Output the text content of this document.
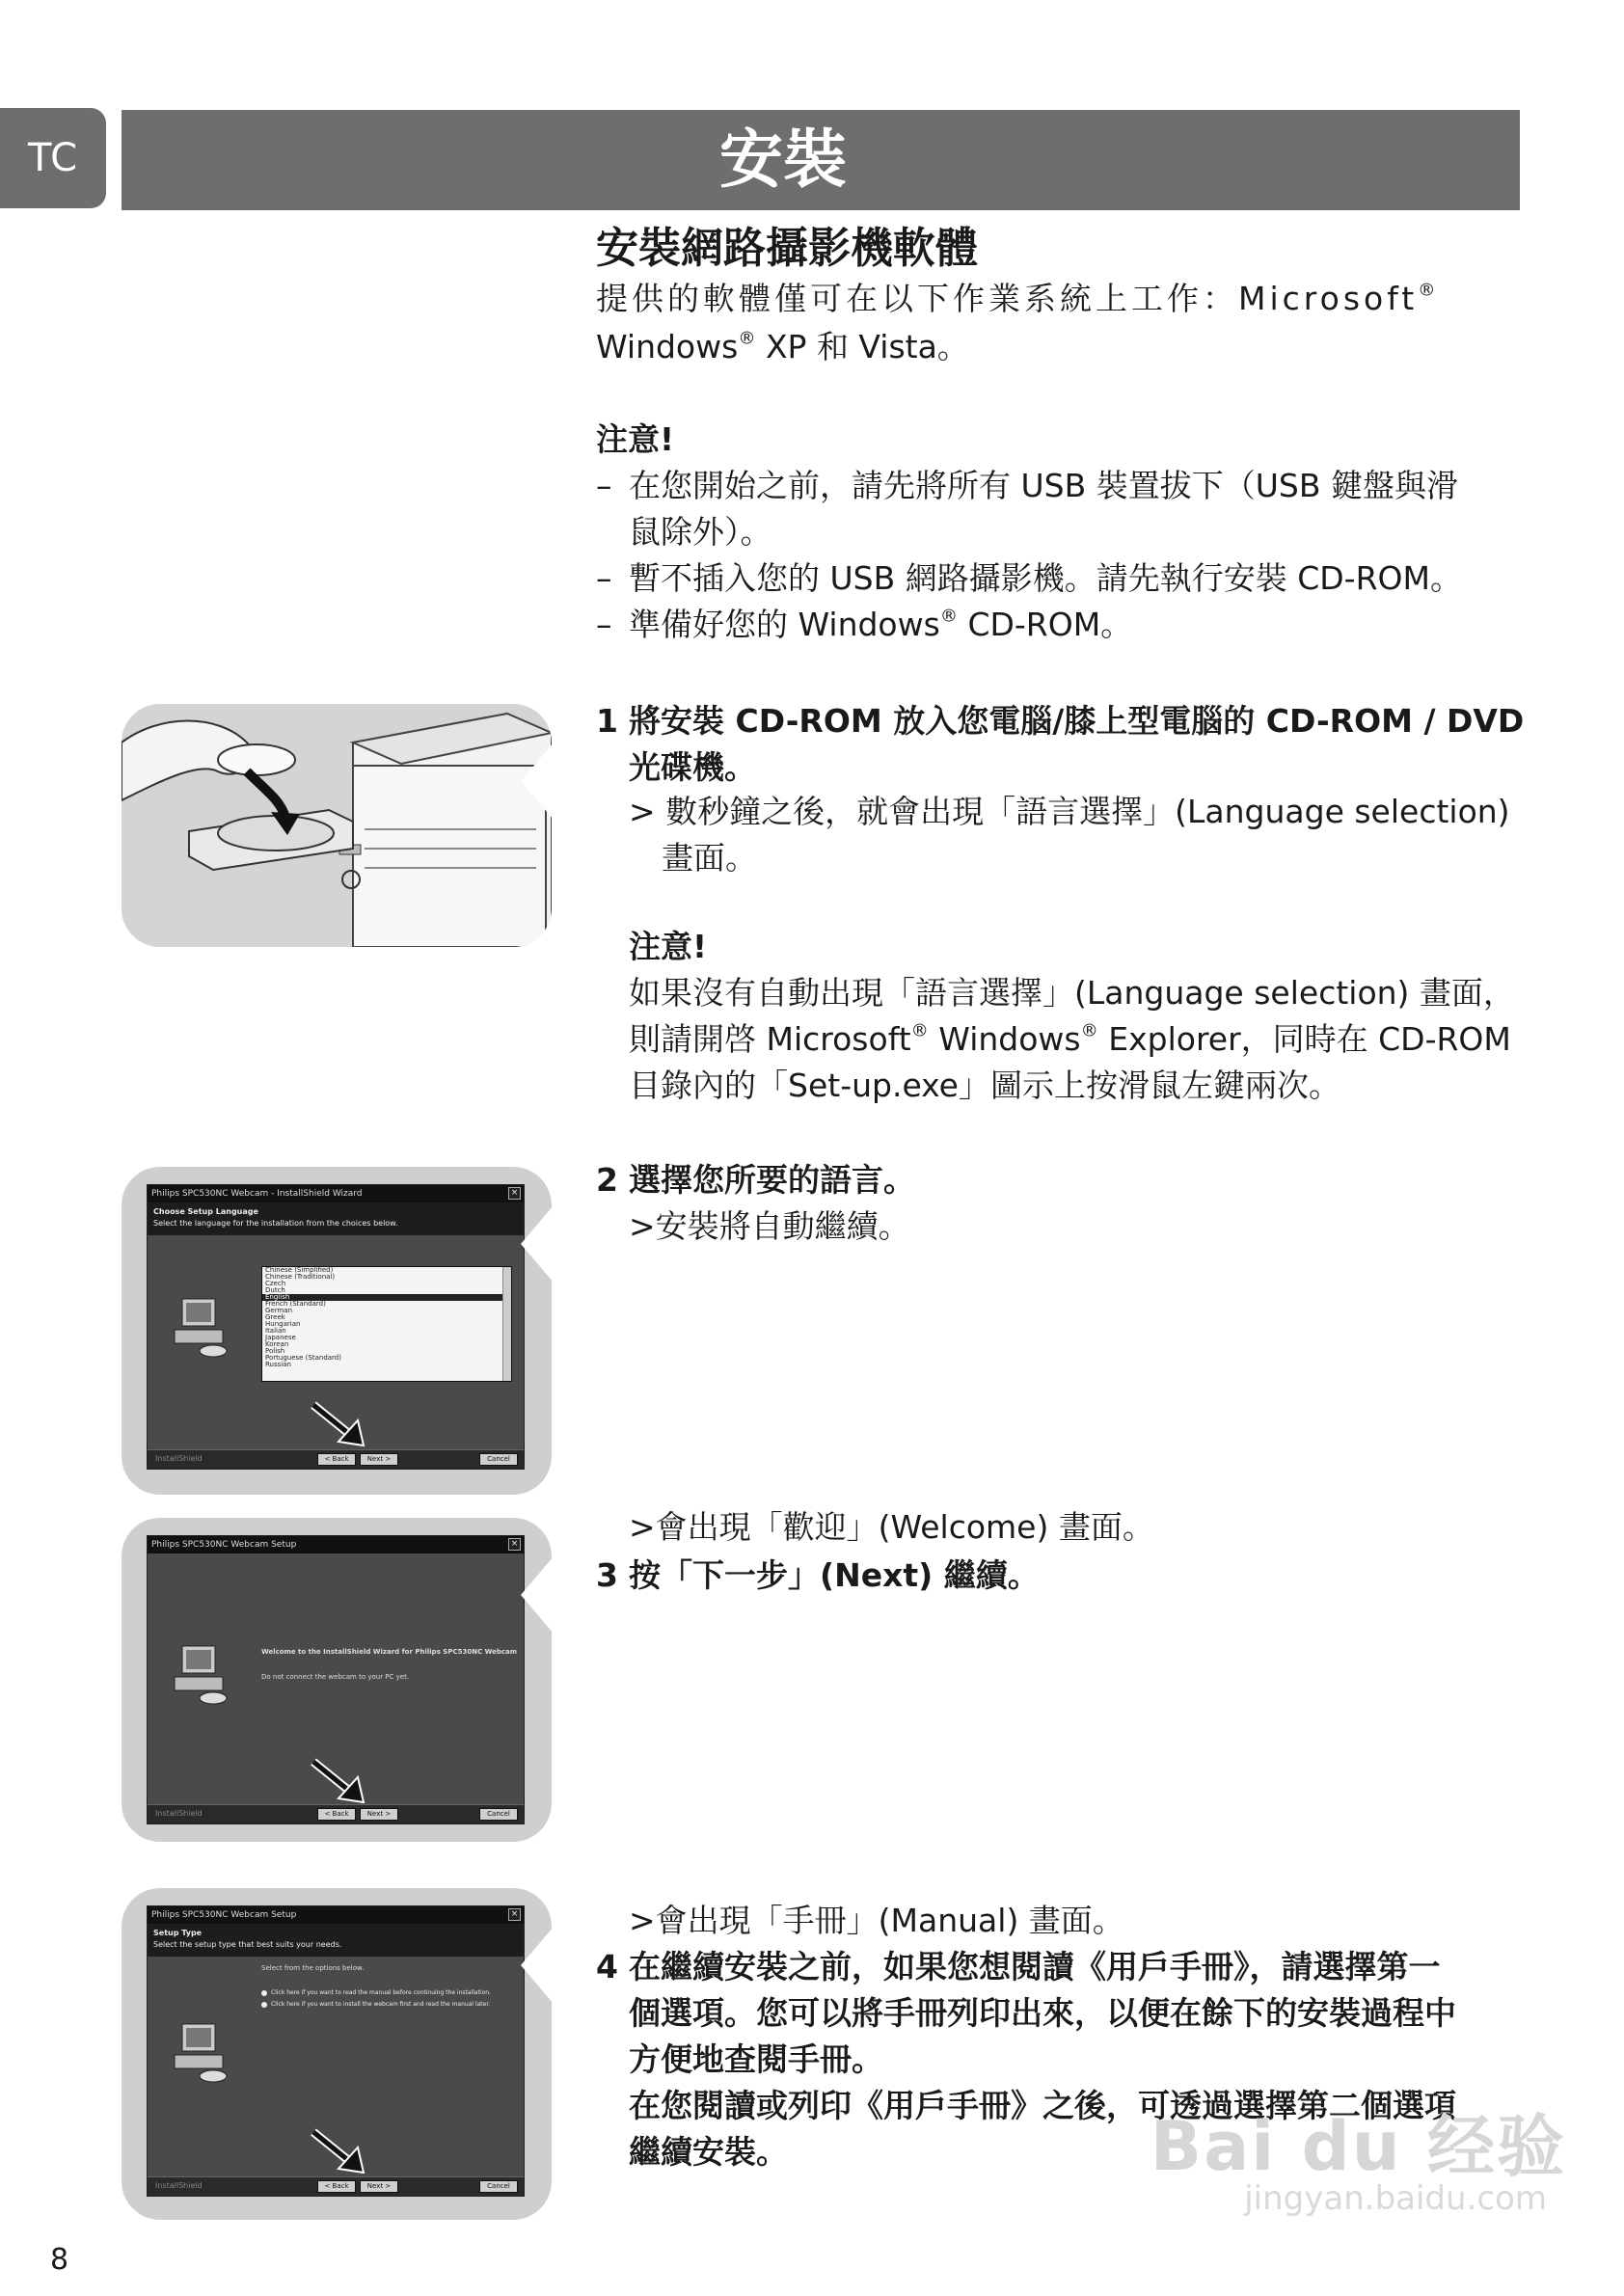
TC	安裝
安裝網路攝影機軟體
提供的軟體僅可在以下作業系統上工作：Microsoft®
Windows® XP 和 Vista。
注意!
– 在您開始之前，請先將所有 USB 裝置拔下（USB 鍵盤與滑
鼠除外）。
– 暫不插入您的 USB 網路攝影機。請先執行安裝 CD-ROM。
– 準備好您的 Windows® CD-ROM。
1 將安裝 CD-ROM 放入您電腦/膝上型電腦的 CD-ROM / DVD
光碟機。
> 數秒鐘之後，就會出現「語言選擇」(Language selection)
畫面。
注意!
如果沒有自動出現「語言選擇」(Language selection) 畫面，
則請開啓 Microsoft® Windows® Explorer，同時在 CD-ROM
目錄內的「Set-up.exe」圖示上按滑鼠左鍵兩次。
2 選擇您所要的語言。
>安裝將自動繼續。
>會出現「歡迎」(Welcome) 畫面。
3 按「下一步」(Next) 繼續。
>會出現「手冊」(Manual) 畫面。
4 在繼續安裝之前，如果您想閱讀《用戶手冊》，請選擇第一
個選項。您可以將手冊列印出來，以便在餘下的安裝過程中
方便地查閱手冊。
在您閱讀或列印《用戶手冊》之後，可透過選擇第二個選項
繼續安裝。
Philips SPC530NC Webcam - InstallShield Wizard	×
Choose Setup Language
Select the language for the installation from the choices below.
Chinese (Simplified)
Chinese (Traditional)
Czech
Dutch
English
French (Standard)
German
Greek
Hungarian
Italian
Japanese
Korean
Polish
Portuguese (Standard)
Russian
InstallShield	< Back	Next >	Cancel
Philips SPC530NC Webcam Setup	×
Welcome to the InstallShield Wizard for Philips SPC530NC Webcam
Do not connect the webcam to your PC yet.
InstallShield	< Back	Next >	Cancel
Philips SPC530NC Webcam Setup	×
Setup Type
Select the setup type that best suits your needs.
Select from the options below.
Click here if you want to read the manual before continuing the installation.
Click here if you want to install the webcam first and read the manual later.
InstallShield	< Back	Next >	Cancel
8
Bai du 经验
jingyan.baidu.com
